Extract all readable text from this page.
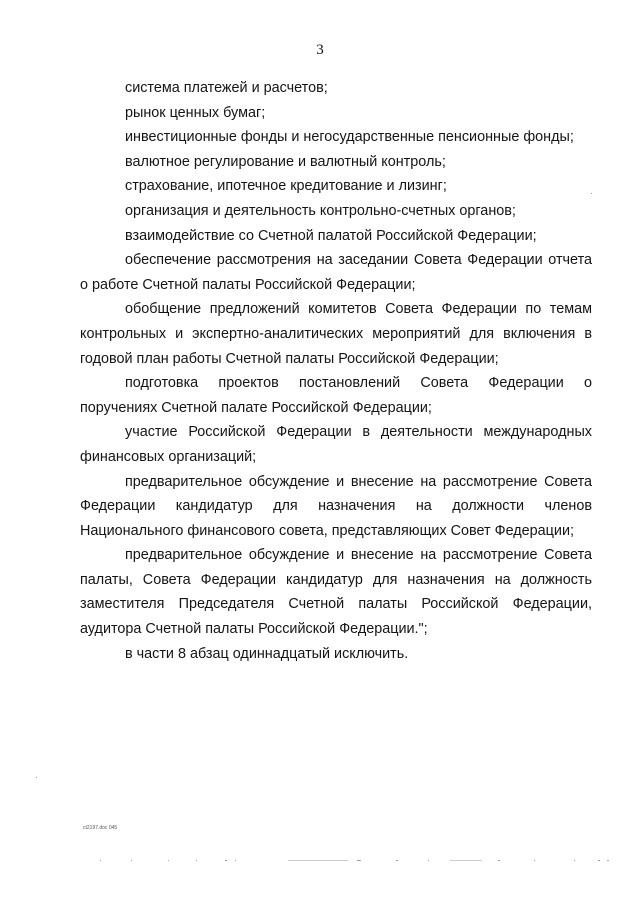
3

система платежей и расчетов;

рынок ценных бумаг;

инвестиционные фонды и негосударственные пенсионные фонды;

валютное регулирование и валютный контроль;

страхование, ипотечное кредитование и лизинг;

организация и деятельность контрольно-счетных органов;

взаимодействие со Счетной палатой Российской Федерации;

обеспечение рассмотрения на заседании Совета Федерации отчета о работе Счетной палаты Российской Федерации;

обобщение предложений комитетов Совета Федерации по темам контрольных и экспертно-аналитических мероприятий для включения в годовой план работы Счетной палаты Российской Федерации;

подготовка проектов постановлений Совета Федерации о поручениях Счетной палате Российской Федерации;

участие Российской Федерации в деятельности международных финансовых организаций;

предварительное обсуждение и внесение на рассмотрение Совета Федерации кандидатур для назначения на должности членов Национального финансового совета, представляющих Совет Федерации;

предварительное обсуждение и внесение на рассмотрение Совета палаты, Совета Федерации кандидатур для назначения на должность заместителя Председателя Счетной палаты Российской Федерации, аудитора Счетной палаты Российской Федерации.";

в части 8 абзац одиннадцатый исключить.

ct2197.doc 045
